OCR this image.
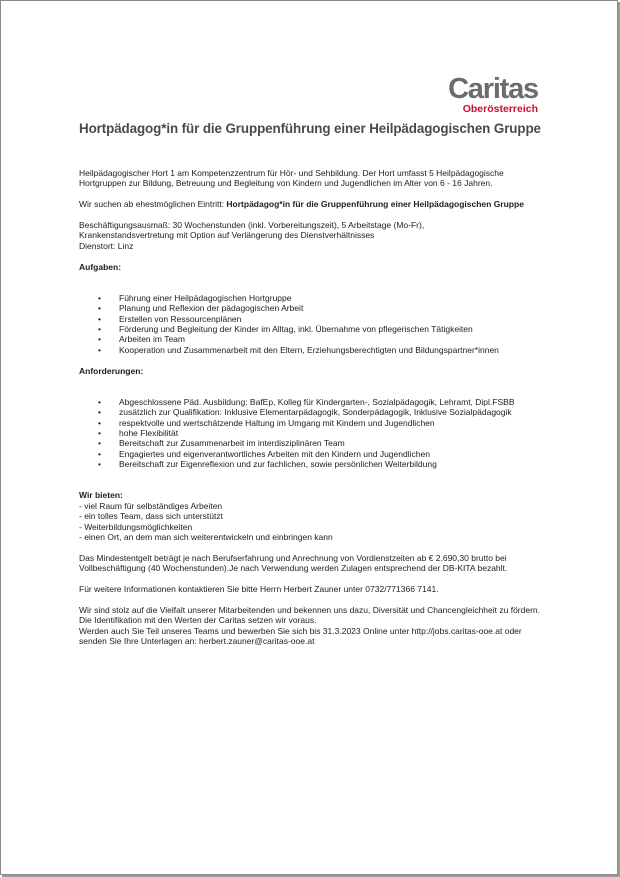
Caritas
Oberösterreich
Hortpädagog*in für die Gruppenführung einer Heilpädagogischen Gruppe

Heilpädagogischer Hort 1 am Kompetenzzentrum für Hör- und Sehbildung. Der Hort umfasst 5 Heilpädagogische Hortgruppen zur Bildung, Betreuung und Begleitung von Kindern und Jugendlichen im Alter von 6 - 16 Jahren.

Wir suchen ab ehestmöglichen Eintritt: Hortpädagog*in für die Gruppenführung einer Heilpädagogischen Gruppe

Beschäftigungsausmaß: 30 Wochenstunden (inkl. Vorbereitungszeit), 5 Arbeitstage (Mo-Fr),

Krankenstandsvertretung mit Option auf Verlängerung des Dienstverhältnisses

Dienstort: Linz

Aufgaben:

• Führung einer Heilpädagogischen Hortgruppe
• Planung und Reflexion der pädagogischen Arbeit
• Erstellen von Ressourcenplänen
• Förderung und Begleitung der Kinder im Alltag, inkl. Übernahme von pflegerischen Tätigkeiten
• Arbeiten im Team
• Kooperation und Zusammenarbeit mit den Eltern, Erziehungsberechtigten und Bildungspartner*innen

Anforderungen:

• Abgeschlossene Päd. Ausbildung: BafEp, Kolleg für Kindergarten-, Sozialpädagogik, Lehramt, Dipl.FSBB
• zusätzlich zur Qualifikation: Inklusive Elementarpädagogik, Sonderpädagogik, Inklusive Sozialpädagogik
• respektvolle und wertschätzende Haltung im Umgang mit Kindern und Jugendlichen
• hohe Flexibilität
• Bereitschaft zur Zusammenarbeit im interdisziplinären Team
• Engagiertes und eigenverantwortliches Arbeiten mit den Kindern und Jugendlichen
• Bereitschaft zur Eigenreflexion und zur fachlichen, sowie persönlichen Weiterbildung

Wir bieten:

- viel Raum für selbständiges Arbeiten

- ein tolles Team, dass sich unterstützt

- Weiterbildungsmöglichkeiten

- einen Ort, an dem man sich weiterentwickeln und einbringen kann

Das Mindestentgelt beträgt je nach Berufserfahrung und Anrechnung von Vordienstzeiten ab € 2.690,30 brutto bei Vollbeschäftigung (40 Wochenstunden).Je nach Verwendung werden Zulagen entsprechend der DB-KITA bezahlt.

Für weitere Informationen kontaktieren Sie bitte Herrn Herbert Zauner unter 0732/771366 7141.

Wir sind stolz auf die Vielfalt unserer Mitarbeitenden und bekennen uns dazu, Diversität und Chancengleichheit zu fördern. Die Identifikation mit den Werten der Caritas setzen wir voraus.

Werden auch Sie Teil unseres Teams und bewerben Sie sich bis 31.3.2023 Online unter http://jobs.caritas-ooe.at oder senden Sie Ihre Unterlagen an: herbert.zauner@caritas-ooe.at
